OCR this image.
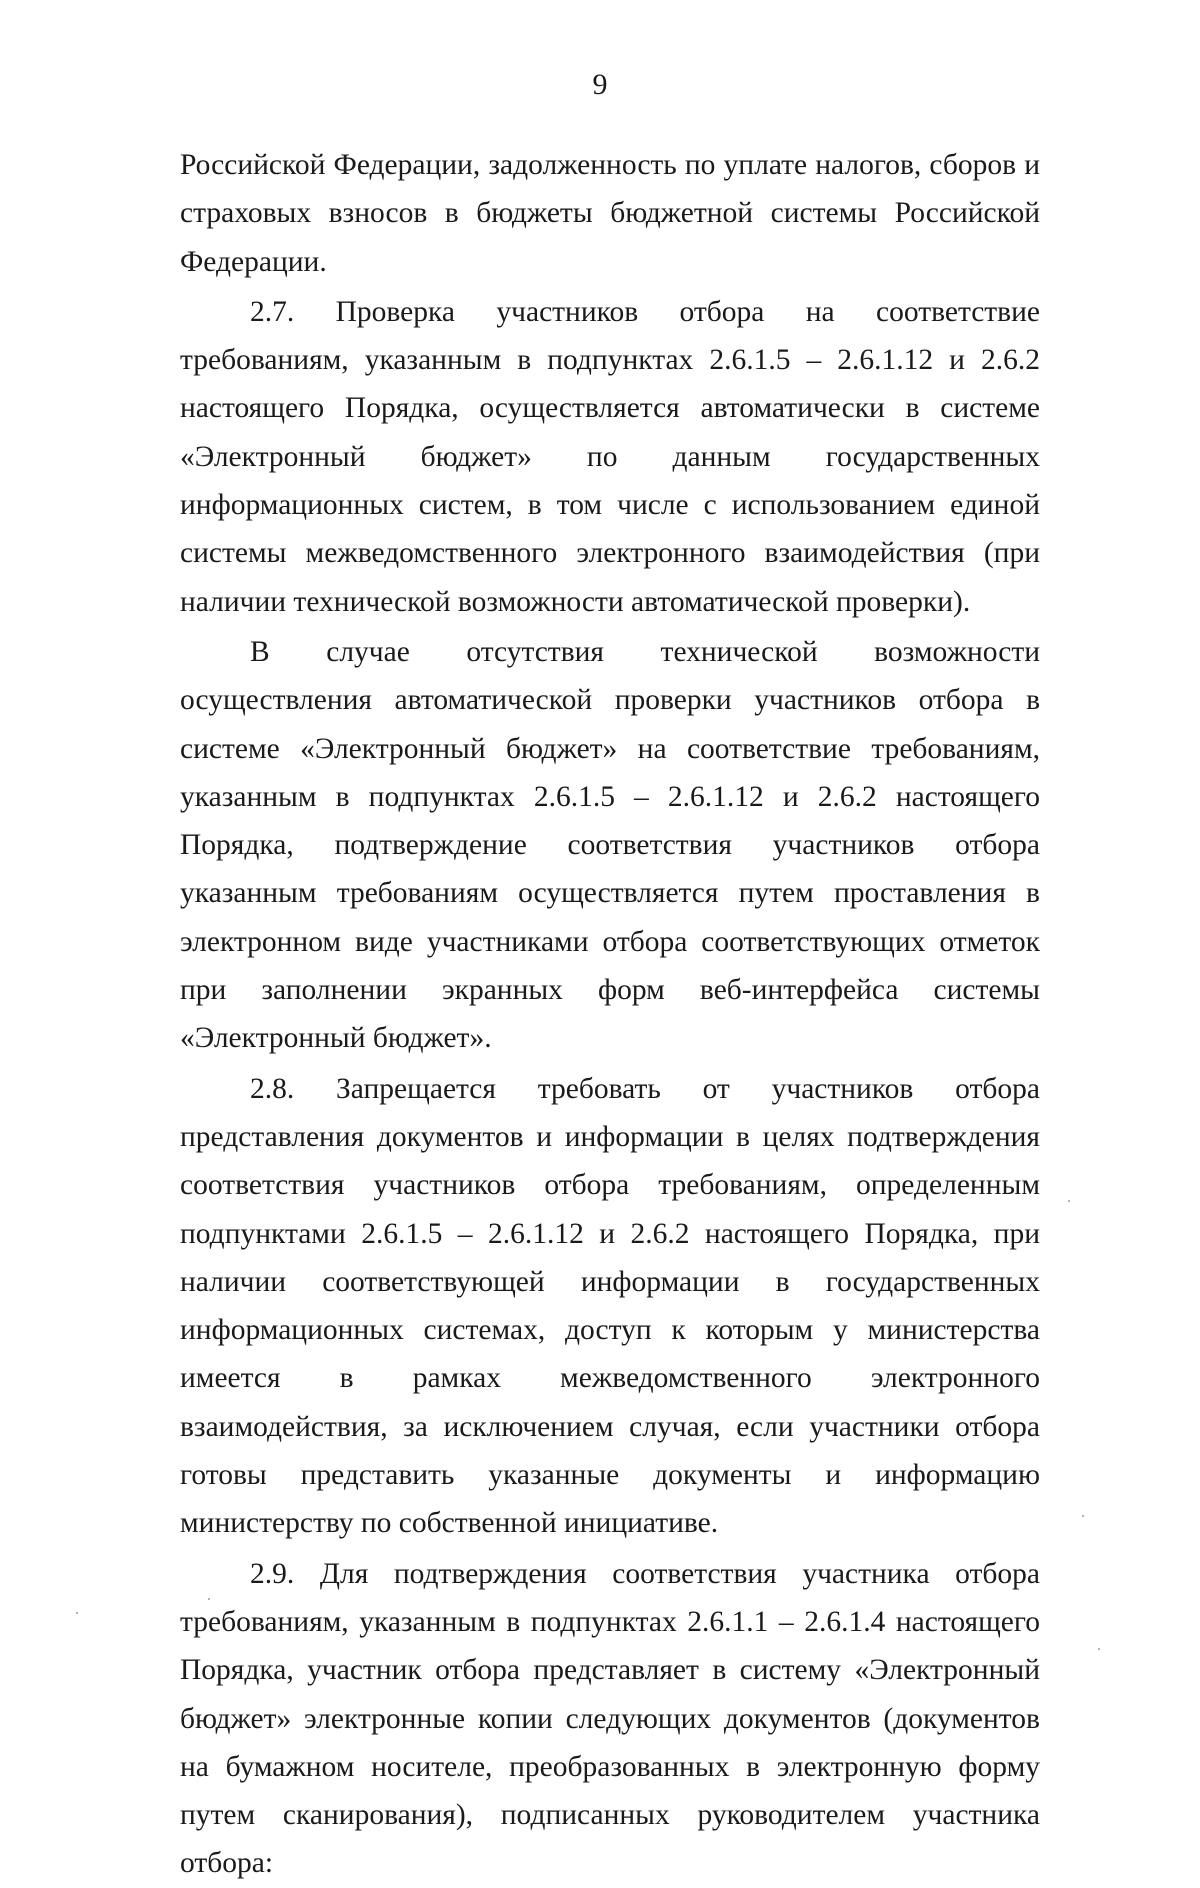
9

Российской Федерации, задолженность по уплате налогов, сборов и страховых взносов в бюджеты бюджетной системы Российской Федерации.

2.7. Проверка участников отбора на соответствие требованиям, указанным в подпунктах 2.6.1.5 – 2.6.1.12 и 2.6.2 настоящего Порядка, осуществляется автоматически в системе «Электронный бюджет» по данным государственных информационных систем, в том числе с использованием единой системы межведомственного электронного взаимодействия (при наличии технической возможности автоматической проверки).

В случае отсутствия технической возможности осуществления автоматической проверки участников отбора в системе «Электронный бюджет» на соответствие требованиям, указанным в подпунктах 2.6.1.5 – 2.6.1.12 и 2.6.2 настоящего Порядка, подтверждение соответствия участников отбора указанным требованиям осуществляется путем проставления в электронном виде участниками отбора соответствующих отметок при заполнении экранных форм веб-интерфейса системы «Электронный бюджет».

2.8. Запрещается требовать от участников отбора представления документов и информации в целях подтверждения соответствия участников отбора требованиям, определенным подпунктами 2.6.1.5 – 2.6.1.12 и 2.6.2 настоящего Порядка, при наличии соответствующей информации в государственных информационных системах, доступ к которым у министерства имеется в рамках межведомственного электронного взаимодействия, за исключением случая, если участники отбора готовы представить указанные документы и информацию министерству по собственной инициативе.

2.9. Для подтверждения соответствия участника отбора требованиям, указанным в подпунктах 2.6.1.1 – 2.6.1.4 настоящего Порядка, участник отбора представляет в систему «Электронный бюджет» электронные копии следующих документов (документов на бумажном носителе, преобразованных в электронную форму путем сканирования), подписанных руководителем участника отбора:
